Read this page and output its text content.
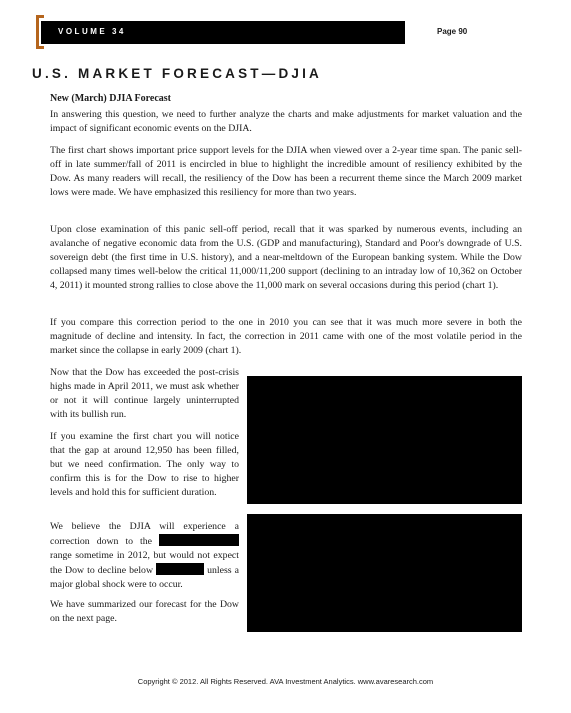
VOLUME 34	Page 90
U.S. MARKET FORECAST—DJIA
New (March) DJIA Forecast

In answering this question, we need to further analyze the charts and make adjustments for market valuation and the impact of significant economic events on the DJIA.

The first chart shows important price support levels for the DJIA when viewed over a 2-year time span. The panic sell-off in late summer/fall of 2011 is encircled in blue to highlight the incredible amount of resiliency exhibited by the Dow. As many readers will recall, the resiliency of the Dow has been a recurrent theme since the March 2009 market lows were made. We have emphasized this resiliency for more than two years.

Upon close examination of this panic sell-off period, recall that it was sparked by numerous events, including an avalanche of negative economic data from the U.S. (GDP and manufacturing), Standard and Poor's downgrade of U.S. sovereign debt (the first time in U.S. history), and a near-meltdown of the European banking system. While the Dow collapsed many times well-below the critical 11,000/11,200 support (declining to an intraday low of 10,362 on October 4, 2011) it mounted strong rallies to close above the 11,000 mark on several occasions during this period (chart 1).

If you compare this correction period to the one in 2010 you can see that it was much more severe in both the magnitude of decline and intensity. In fact, the correction in 2011 came with one of the most volatile period in the market since the collapse in early 2009 (chart 1).

Now that the Dow has exceeded the post-crisis highs made in April 2011, we must ask whether or not it will continue largely uninterrupted with its bullish run.

If you examine the first chart you will notice that the gap at around 12,950 has been filled, but we need confirmation. The only way to confirm this is for the Dow to rise to higher levels and hold this for sufficient duration.

We believe the DJIA will experience a correction down to the  range sometime in 2012, but would not expect the Dow to decline below	unless a major global shock were to occur.

We have summarized our forecast for the Dow on the next page.

Copyright © 2012. All Rights Reserved. AVA Investment Analytics. www.avaresearch.com
